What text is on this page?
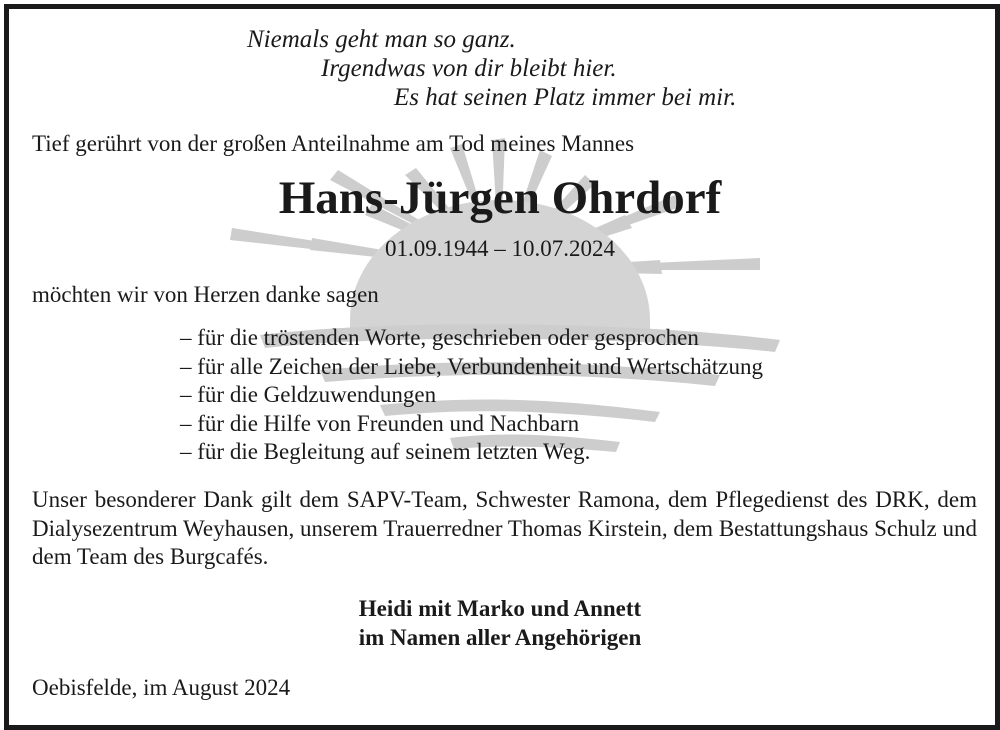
Niemals geht man so ganz.
Irgendwas von dir bleibt hier.
Es hat seinen Platz immer bei mir.
Tief gerührt von der großen Anteilnahme am Tod meines Mannes
Hans-Jürgen Ohrdorf
01.09.1944 – 10.07.2024
möchten wir von Herzen danke sagen
– für die tröstenden Worte, geschrieben oder gesprochen
– für alle Zeichen der Liebe, Verbundenheit und Wertschätzung
– für die Geldzuwendungen
– für die Hilfe von Freunden und Nachbarn
– für die Begleitung auf seinem letzten Weg.
Unser besonderer Dank gilt dem SAPV-Team, Schwester Ramona, dem Pflegedienst des DRK, dem Dialysezentrum Weyhausen, unserem Trauerredner Thomas Kirstein, dem Bestattungshaus Schulz und dem Team des Burgcafés.
Heidi mit Marko und Annett
im Namen aller Angehörigen
Oebisfelde, im August 2024
